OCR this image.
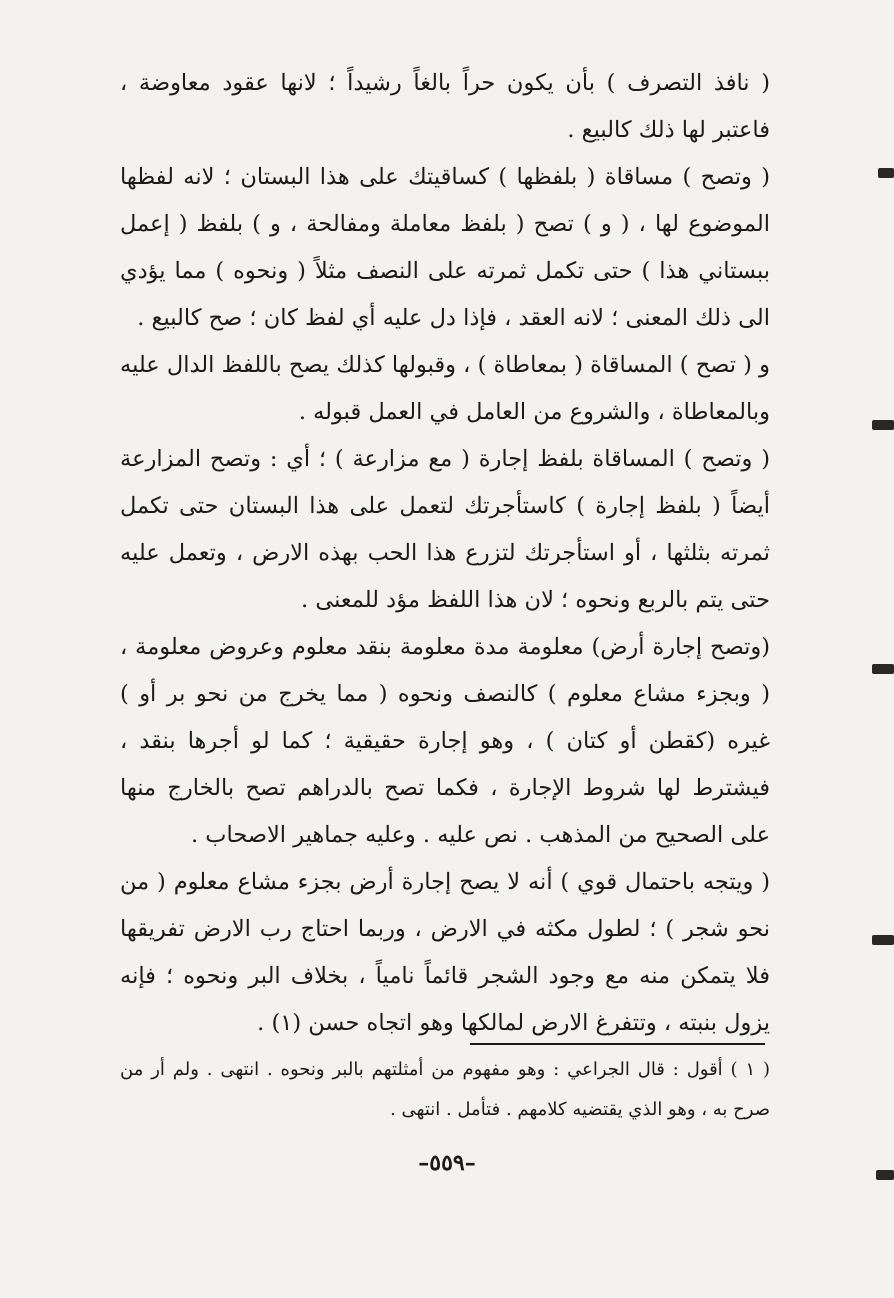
( نافذ التصرف ) بأن يكون حراً بالغاً رشيداً ؛ لانها عقود معاوضة ، فاعتبر لها ذلك كالبيع .

( وتصح ) مساقاة ( بلفظها ) كساقيتك على هذا البستان ؛ لانه لفظها الموضوع لها ، ( و ) تصح ( بلفظ معاملة ومفالحة ، و ) بلفظ ( إعمل ببستاني هذا ) حتى تكمل ثمرته على النصف مثلاً ( ونحوه ) مما يؤدي الى ذلك المعنى ؛ لانه العقد ، فإذا دل عليه أي لفظ كان ؛ صح كالبيع .

و ( تصح ) المساقاة ( بمعاطاة ) ، وقبولها كذلك يصح باللفظ الدال عليه وبالمعاطاة ، والشروع من العامل في العمل قبوله .

( وتصح ) المساقاة بلفظ إجارة ( مع مزارعة ) ؛ أي : وتصح المزارعة أيضاً ( بلفظ إجارة ) كاستأجرتك لتعمل على هذا البستان حتى تكمل ثمرته بثلثها ، أو استأجرتك لتزرع هذا الحب بهذه الارض ، وتعمل عليه حتى يتم بالربع ونحوه ؛ لان هذا اللفظ مؤد للمعنى .

(وتصح إجارة أرض) معلومة مدة معلومة بنقد معلوم وعروض معلومة ، ( وبجزء مشاع معلوم ) كالنصف ونحوه ( مما يخرج من نحو بر أو ) غيره (كقطن أو كتان ) ، وهو إجارة حقيقية ؛ كما لو أجرها بنقد ، فيشترط لها شروط الإجارة ، فكما تصح بالدراهم تصح بالخارج منها على الصحيح من المذهب . نص عليه . وعليه جماهير الاصحاب .

( ويتجه باحتمال قوي ) أنه لا يصح إجارة أرض بجزء مشاع معلوم ( من نحو شجر ) ؛ لطول مكثه في الارض ، وربما احتاج رب الارض تفريقها فلا يتمكن منه مع وجود الشجر قائماً نامياً ، بخلاف البر ونحوه ؛ فإنه يزول بنبته ، وتتفرغ الارض لمالكها وهو اتجاه حسن (١) .

( ١ ) أقول : قال الجراعي : وهو مفهوم من أمثلتهم بالبر ونحوه . انتهى . ولم أر من صرح به ، وهو الذي يقتضيه كلامهم . فتأمل . انتهى .

–٥٥٩–
